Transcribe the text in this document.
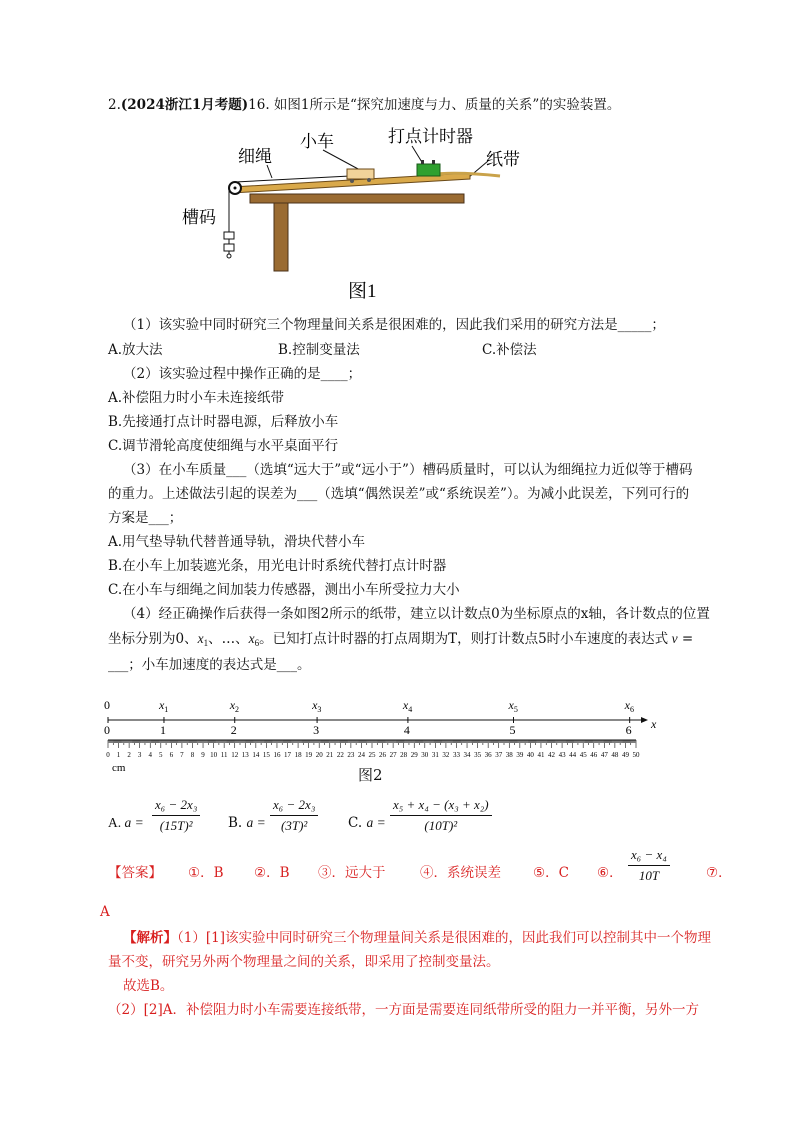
2.(2024浙江1月考题)16. 如图1所示是“探究加速度与力、质量的关系”的实验装置。
小车	打点计时器
细绳	纸带
槽码
图1
（1）该实验中同时研究三个物理量间关系是很困难的，因此我们采用的研究方法是_____；
A.放大法	B.控制变量法	C.补偿法
（2）该实验过程中操作正确的是____；
A.补偿阻力时小车未连接纸带
B.先接通打点计时器电源，后释放小车
C.调节滑轮高度使细绳与水平桌面平行
（3）在小车质量___（选填“远大于”或“远小于”）槽码质量时，可以认为细绳拉力近似等于槽码
的重力。上述做法引起的误差为___（选填“偶然误差”或“系统误差”）。为减小此误差，下列可行的
方案是___；
A.用气垫导轨代替普通导轨，滑块代替小车
B.在小车上加装遮光条，用光电计时系统代替打点计时器
C.在小车与细绳之间加装力传感器，测出小车所受拉力大小
（4）经正确操作后获得一条如图2所示的纸带，建立以计数点0为坐标原点的x轴，各计数点的位置
坐标分别为0、$x_1$、…、$x_6$。已知打点计时器的打点周期为T，则打计数点5时小车速度的表达式 v =
___；小车加速度的表达式是___。
x
0
0
$x_1$
1
$x_2$
2
$x_3$
3
$x_4$
4
$x_5$
5
$x_6$
6
0 1 2 3 4 5 6 7 8 9 10 11 12 13 14 15 16 17 18 19 20 21 22 23 24 25 26 27 28 29 30 31 32 33 34 35 36 37 38 39 40 41 42 43 44 45 46 47 48 49 50
cm	图2
A. $a = \frac{\text{x₆ − 2x₃}}{\text{(15T)²}} B$. $a = \frac{\text{x₆ − 2x₃}}{\text{(3T)²}} C$. $a = \frac{\text{x₅ + x₄ − (x₃ + x₂)}}{\text{(10T)²}}$
【答案】 ①．B ②．B ③．远大于	④．系统误差 ⑤．C ⑥． $\frac{\text{x₆ − x₄}}{10T}$	⑦．
A
【解析】（1）[1]该实验中同时研究三个物理量间关系是很困难的，因此我们可以控制其中一个物理
量不变，研究另外两个物理量之间的关系，即采用了控制变量法。
故选B。
（2）[2]A．补偿阻力时小车需要连接纸带，一方面是需要连同纸带所受的阻力一并平衡，另外一方
